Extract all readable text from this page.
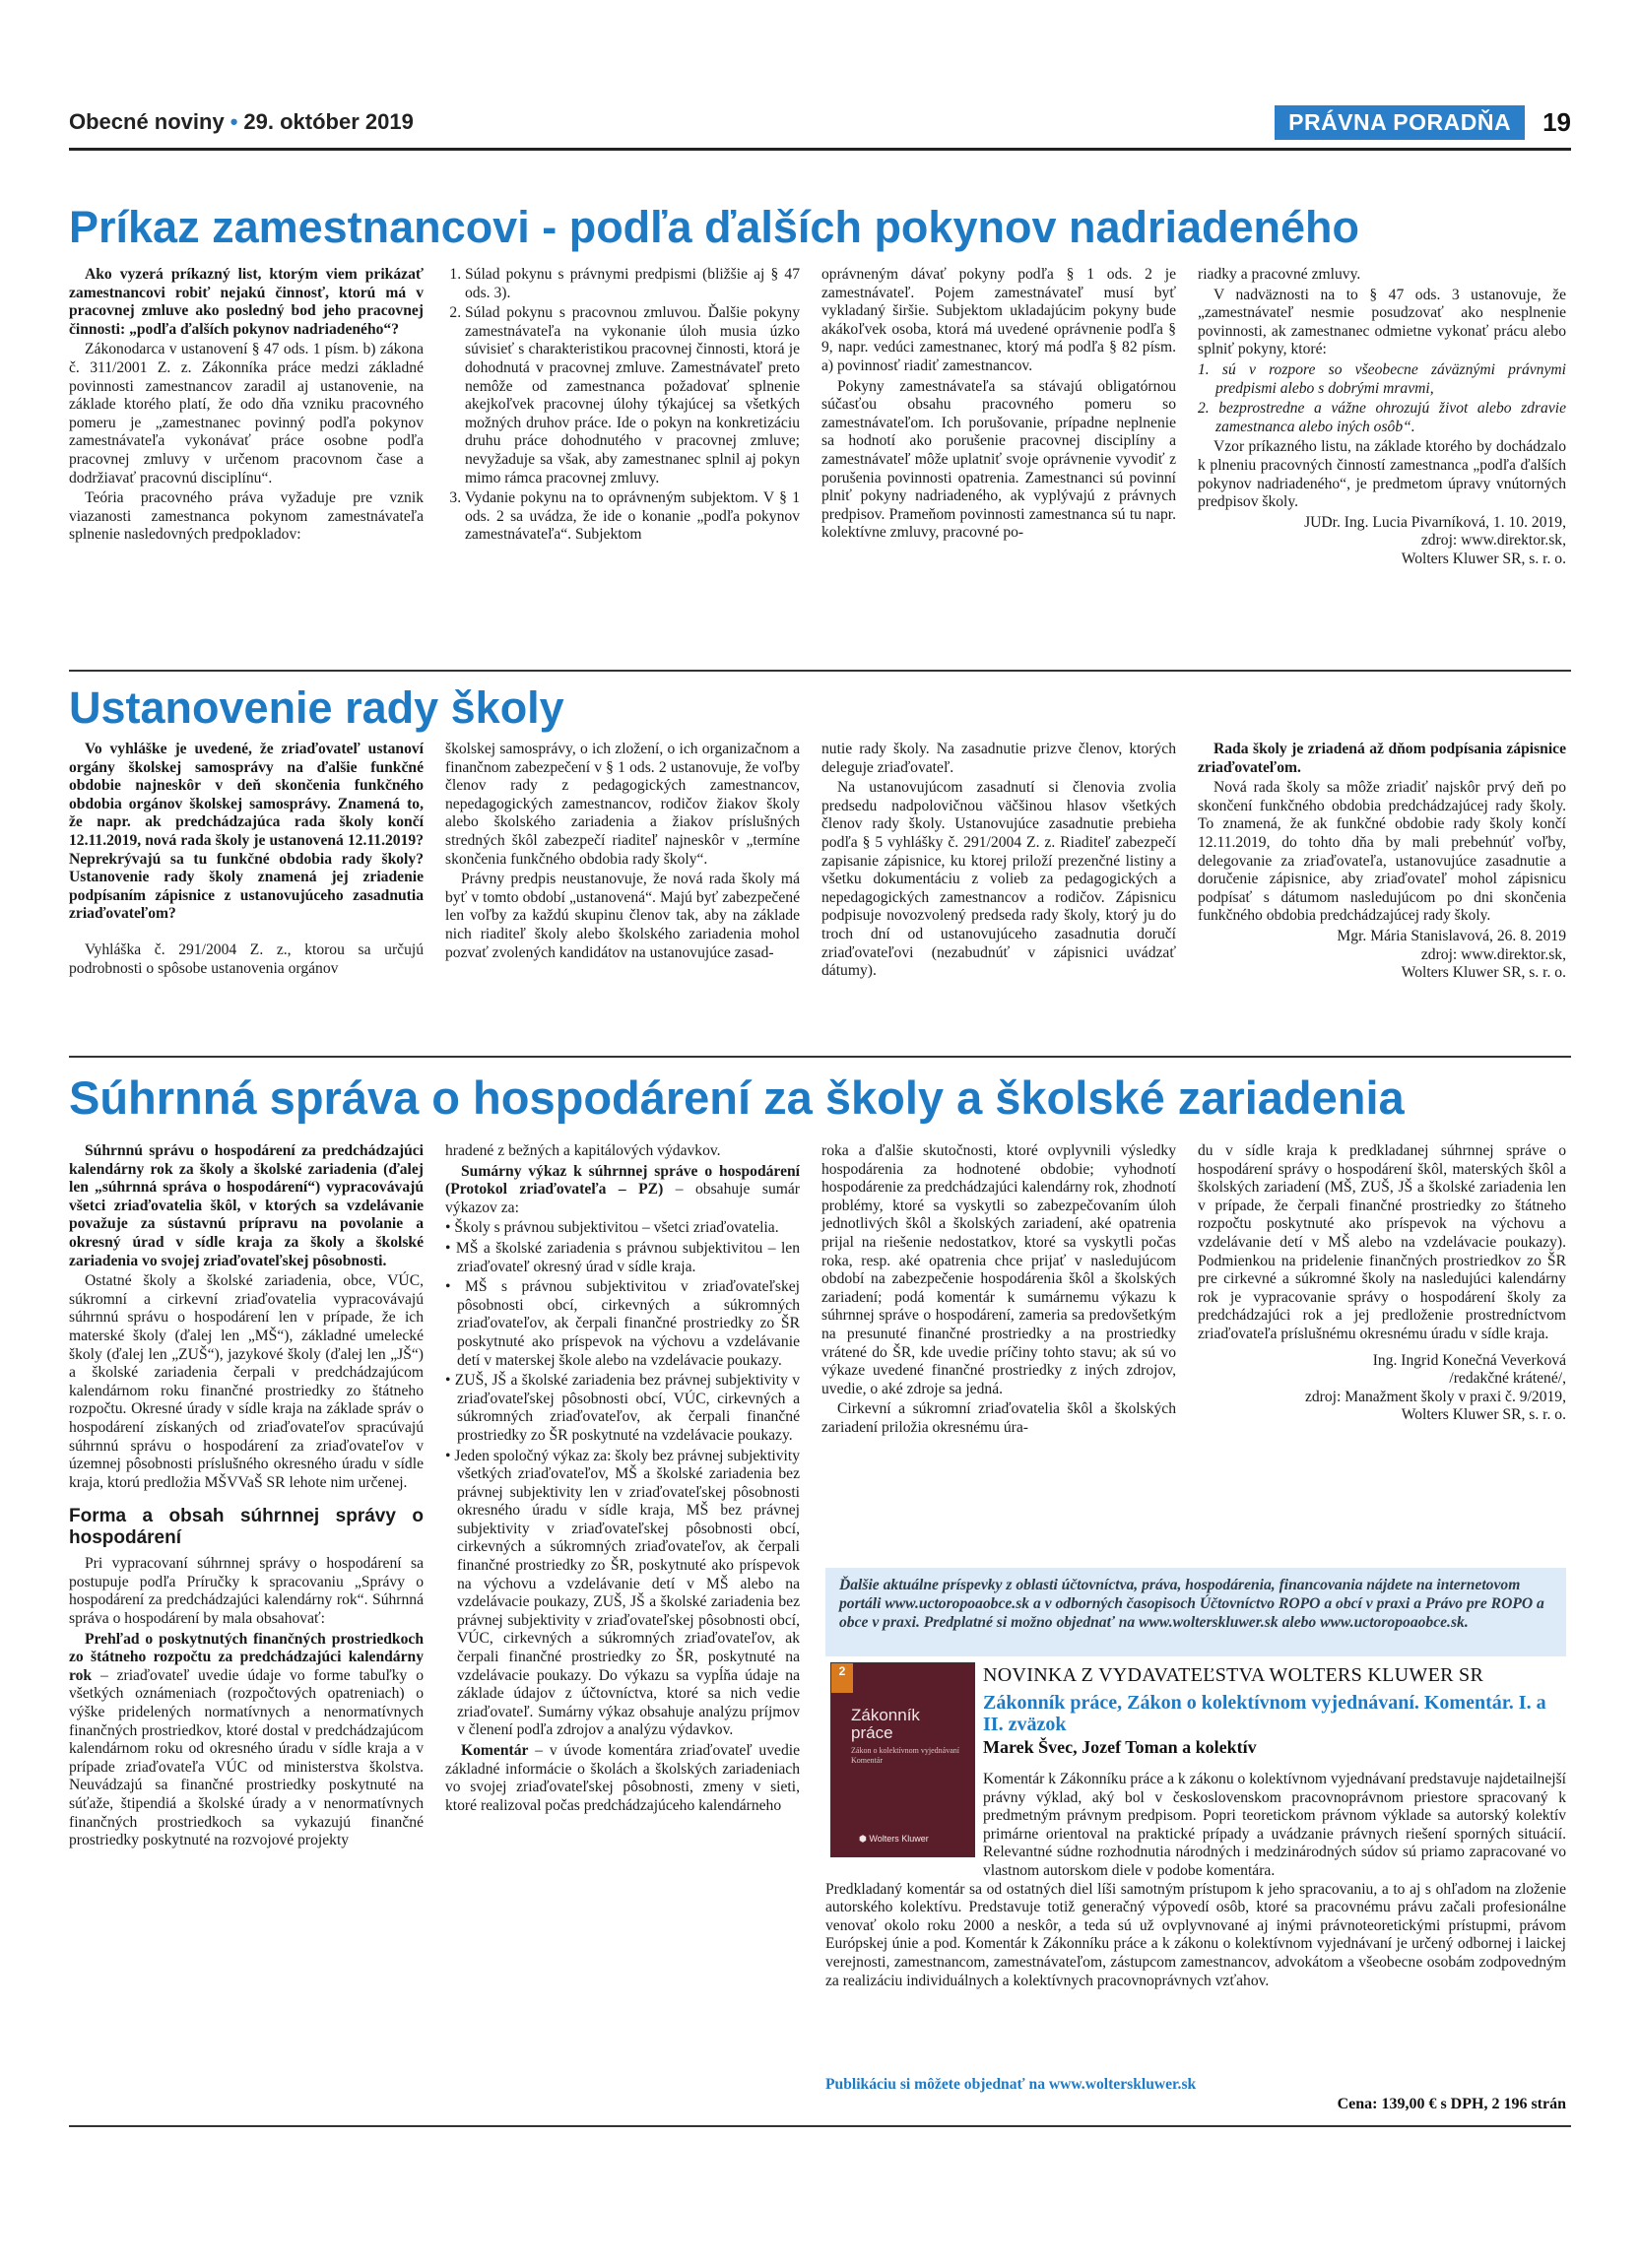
Obecné noviny • 29. október 2019	PRÁVNA PORADŇA	19
Príkaz zamestnancovi - podľa ďalších pokynov nadriadeného

Ako vyzerá príkazný list, ktorým viem prikázať zamestnancovi robiť nejakú činnosť, ktorú má v pracovnej zmluve ako posledný bod jeho pracovnej činnosti: „podľa ďalších pokynov nadriadeného“?

Zákonodarca v ustanovení § 47 ods. 1 písm. b) zákona č. 311/2001 Z. z. Zákonníka práce medzi základné povinnosti zamestnancov zaradil aj ustanovenie, na základe ktorého platí, že odo dňa vzniku pracovného pomeru je „zamestnanec povinný podľa pokynov zamestnávateľa vykonávať práce osobne podľa pracovnej zmluvy v určenom pracovnom čase a dodržiavať pracovnú disciplínu“.

Teória pracovného práva vyžaduje pre vznik viazanosti zamestnanca pokynom zamestnávateľa splnenie nasledovných predpokladov:

1. Súlad pokynu s právnymi predpismi (bližšie aj § 47 ods. 3).
2. Súlad pokynu s pracovnou zmluvou. Ďalšie pokyny zamestnávateľa na vykonanie úloh musia úzko súvisieť s charakteristikou pracovnej činnosti, ktorá je dohodnutá v pracovnej zmluve. Zamestnávateľ preto nemôže od zamestnanca požadovať splnenie akejkoľvek pracovnej úlohy týkajúcej sa všetkých možných druhov práce. Ide o pokyn na konkretizáciu druhu práce dohodnutého v pracovnej zmluve; nevyžaduje sa však, aby zamestnanec splnil aj pokyn mimo rámca pracovnej zmluvy.
3. Vydanie pokynu na to oprávneným subjektom. V § 1 ods. 2 sa uvádza, že ide o konanie „podľa pokynov zamestnávateľa“. Subjektom

oprávneným dávať pokyny podľa § 1 ods. 2 je zamestnávateľ. Pojem zamestnávateľ musí byť vykladaný širšie. Subjektom ukladajúcim pokyny bude akákoľvek osoba, ktorá má uvedené oprávnenie podľa § 9, napr. vedúci zamestnanec, ktorý má podľa § 82 písm. a) povinnosť riadiť zamestnancov.

Pokyny zamestnávateľa sa stávajú obligatórnou súčasťou obsahu pracovného pomeru so zamestnávateľom. Ich porušovanie, prípadne neplnenie sa hodnotí ako porušenie pracovnej disciplíny a zamestnávateľ môže uplatniť svoje oprávnenie vyvodiť z porušenia povinnosti opatrenia. Zamestnanci sú povinní plniť pokyny nadriadeného, ak vyplývajú z právnych predpisov. Prameňom povinnosti zamestnanca sú tu napr. kolektívne zmluvy, pracovné po-

riadky a pracovné zmluvy.

V nadväznosti na to § 47 ods. 3 ustanovuje, že „zamestnávateľ nesmie posudzovať ako nesplnenie povinnosti, ak zamestnanec odmietne vykonať prácu alebo splniť pokyny, ktoré:

1. sú v rozpore so všeobecne záväznými právnymi predpismi alebo s dobrými mravmi,

2. bezprostredne a vážne ohrozujú život alebo zdravie zamestnanca alebo iných osôb“.

Vzor príkazného listu, na základe ktorého by dochádzalo k plneniu pracovných činností zamestnanca „podľa ďalších pokynov nadriadeného“, je predmetom úpravy vnútorných predpisov školy.

JUDr. Ing. Lucia Pivarníková, 1. 10. 2019,

zdroj: www.direktor.sk,

Wolters Kluwer SR, s. r. o.

Ustanovenie rady školy

Vo vyhláške je uvedené, že zriaďovateľ ustanoví orgány školskej samosprávy na ďalšie funkčné obdobie najneskôr v deň skončenia funkčného obdobia orgánov školskej samosprávy. Znamená to, že napr. ak predchádzajúca rada školy končí 12.11.2019, nová rada školy je ustanovená 12.11.2019? Neprekrývajú sa tu funkčné obdobia rady školy? Ustanovenie rady školy znamená jej zriadenie podpísaním zápisnice z ustanovujúceho zasadnutia zriaďovateľom?

Vyhláška č. 291/2004 Z. z., ktorou sa určujú podrobnosti o spôsobe ustanovenia orgánov

školskej samosprávy, o ich zložení, o ich organizačnom a finančnom zabezpečení v § 1 ods. 2 ustanovuje, že voľby členov rady z pedagogických zamestnancov, nepedagogických zamestnancov, rodičov žiakov školy alebo školského zariadenia a žiakov príslušných stredných škôl zabezpečí riaditeľ najneskôr v „termíne skončenia funkčného obdobia rady školy“.

Právny predpis neustanovuje, že nová rada školy má byť v tomto období „ustanovená“. Majú byť zabezpečené len voľby za každú skupinu členov tak, aby na základe nich riaditeľ školy alebo školského zariadenia mohol pozvať zvolených kandidátov na ustanovujúce zasad-

nutie rady školy. Na zasadnutie prizve členov, ktorých deleguje zriaďovateľ.

Na ustanovujúcom zasadnutí si členovia zvolia predsedu nadpolovičnou väčšinou hlasov všetkých členov rady školy. Ustanovujúce zasadnutie prebieha podľa § 5 vyhlášky č. 291/2004 Z. z. Riaditeľ zabezpečí zapisanie zápisnice, ku ktorej priloží prezenčné listiny a všetku dokumentáciu z volieb za pedagogických a nepedagogických zamestnancov a rodičov. Zápisnicu podpisuje novozvolený predseda rady školy, ktorý ju do troch dní od ustanovujúceho zasadnutia doručí zriaďovateľovi (nezabudnúť v zápisnici uvádzať dátumy).

Rada školy je zriadená až dňom podpísania zápisnice zriaďovateľom.

Nová rada školy sa môže zriadiť najskôr prvý deň po skončení funkčného obdobia predchádzajúcej rady školy. To znamená, že ak funkčné obdobie rady školy končí 12.11.2019, do tohto dňa by mali prebehnúť voľby, delegovanie za zriaďovateľa, ustanovujúce zasadnutie a doručenie zápisnice, aby zriaďovateľ mohol zápisnicu podpísať s dátumom nasledujúcom po dni skončenia funkčného obdobia predchádzajúcej rady školy.

Mgr. Mária Stanislavová, 26. 8. 2019

zdroj: www.direktor.sk,

Wolters Kluwer SR, s. r. o.

Súhrnná správa o hospodárení za školy a školské zariadenia

Súhrnnú správu o hospodárení za predchádzajúci kalendárny rok za školy a školské zariadenia (ďalej len „súhrnná správa o hospodárení“) vypracovávajú všetci zriaďovatelia škôl, v ktorých sa vzdelávanie považuje za sústavnú prípravu na povolanie a okresný úrad v sídle kraja za školy a školské zariadenia vo svojej zriaďovateľskej pôsobnosti.

Ostatné školy a školské zariadenia, obce, VÚC, súkromní a cirkevní zriaďovatelia vypracovávajú súhrnnú správu o hospodárení len v prípade, že ich materské školy (ďalej len „MŠ“), základné umelecké školy (ďalej len „ZUŠ“), jazykové školy (ďalej len „JŠ“) a školské zariadenia čerpali v predchádzajúcom kalendárnom roku finančné prostriedky zo štátneho rozpočtu. Okresné úrady v sídle kraja na základe správ o hospodárení získaných od zriaďovateľov spracúvajú súhrnnú správu o hospodárení za zriaďovateľov v územnej pôsobnosti príslušného okresného úradu v sídle kraja, ktorú predložia MŠVVaŠ SR lehote nim určenej.

Forma a obsah súhrnnej správy o hospodárení

Pri vypracovaní súhrnnej správy o hospodárení sa postupuje podľa Príručky k spracovaniu „Správy o hospodárení za predchádzajúci kalendárny rok“. Súhrnná správa o hospodárení by mala obsahovať:

Prehľad o poskytnutých finančných prostriedkoch zo štátneho rozpočtu za predchádzajúci kalendárny rok – zriaďovateľ uvedie údaje vo forme tabuľky o všetkých oznámeniach (rozpočtových opatreniach) o výške pridelených normatívnych a nenormatívnych finančných prostriedkov, ktoré dostal v predchádzajúcom kalendárnom roku od okresného úradu v sídle kraja a v prípade zriaďovateľa VÚC od ministerstva školstva. Neuvádzajú sa finančné prostriedky poskytnuté na súťaže, štipendiá a školské úrady a v nenormatívnych finančných prostriedkoch sa vykazujú finančné prostriedky poskytnuté na rozvojové projekty

hradené z bežných a kapitálových výdavkov.

Sumárny výkaz k súhrnnej správe o hospodárení (Protokol zriaďovateľa – PZ) – obsahuje sumár výkazov za:

• Školy s právnou subjektivitou – všetci zriaďovatelia.
• MŠ a školské zariadenia s právnou subjektivitou – len zriaďovateľ okresný úrad v sídle kraja.
• MŠ s právnou subjektivitou v zriaďovateľskej pôsobnosti obcí, cirkevných a súkromných zriaďovateľov, ak čerpali finančné prostriedky zo ŠR poskytnuté ako príspevok na výchovu a vzdelávanie detí v materskej škole alebo na vzdelávacie poukazy.
• ZUŠ, JŠ a školské zariadenia bez právnej subjektivity v zriaďovateľskej pôsobnosti obcí, VÚC, cirkevných a súkromných zriaďovateľov, ak čerpali finančné prostriedky zo ŠR poskytnuté na vzdelávacie poukazy.
• Jeden spoločný výkaz za: školy bez právnej subjektivity všetkých zriaďovateľov, MŠ a školské zariadenia bez právnej subjektivity len v zriaďovateľskej pôsobnosti okresného úradu v sídle kraja, MŠ bez právnej subjektivity v zriaďovateľskej pôsobnosti obcí, cirkevných a súkromných zriaďovateľov, ak čerpali finančné prostriedky zo ŠR, poskytnuté ako príspevok na výchovu a vzdelávanie detí v MŠ alebo na vzdelávacie poukazy, ZUŠ, JŠ a školské zariadenia bez právnej subjektivity v zriaďovateľskej pôsobnosti obcí, VÚC, cirkevných a súkromných zriaďovateľov, ak čerpali finančné prostriedky zo ŠR, poskytnuté na vzdelávacie poukazy. Do výkazu sa vypĺňa údaje na základe údajov z účtovníctva, ktoré sa nich vedie zriaďovateľ. Sumárny výkaz obsahuje analýzu príjmov v členení podľa zdrojov a analýzu výdavkov.

Komentár – v úvode komentára zriaďovateľ uvedie základné informácie o školách a školských zariadeniach vo svojej zriaďovateľskej pôsobnosti, zmeny v sieti, ktoré realizoval počas predchádzajúceho kalendárneho

roka a ďalšie skutočnosti, ktoré ovplyvnili výsledky hospodárenia za hodnotené obdobie; vyhodnotí hospodárenie za predchádzajúci kalendárny rok, zhodnotí problémy, ktoré sa vyskytli so zabezpečovaním úloh jednotlivých škôl a školských zariadení, aké opatrenia prijal na riešenie nedostatkov, ktoré sa vyskytli počas roka, resp. aké opatrenia chce prijať v nasledujúcom období na zabezpečenie hospodárenia škôl a školských zariadení; podá komentár k sumárnemu výkazu k súhrnnej správe o hospodárení, zameria sa predovšetkým na presunuté finančné prostriedky a na prostriedky vrátené do ŠR, kde uvedie príčiny tohto stavu; ak sú vo výkaze uvedené finančné prostriedky z iných zdrojov, uvedie, o aké zdroje sa jedná.

Cirkevní a súkromní zriaďovatelia škôl a školských zariadení priložia okresnému úra-

du v sídle kraja k predkladanej súhrnnej správe o hospodárení správy o hospodárení škôl, materských škôl a školských zariadení (MŠ, ZUŠ, JŠ a školské zariadenia len v prípade, že čerpali finančné prostriedky zo štátneho rozpočtu poskytnuté ako príspevok na výchovu a vzdelávanie detí v MŠ alebo na vzdelávacie poukazy). Podmienkou na pridelenie finančných prostriedkov zo ŠR pre cirkevné a súkromné školy na nasledujúci kalendárny rok je vypracovanie správy o hospodárení školy za predchádzajúci rok a jej predloženie prostredníctvom zriaďovateľa príslušnému okresnému úradu v sídle kraja.

Ing. Ingrid Konečná Veverková

/redakčné krátené/,

zdroj: Manažment školy v praxi č. 9/2019,

Wolters Kluwer SR, s. r. o.

Ďalšie aktuálne príspevky z oblasti účtovníctva, práva, hospodárenia, financovania nájdete na internetovom portáli www.uctoropoaobce.sk a v odborných časopisoch Účtovníctvo ROPO a obcí v praxi a Právo pre ROPO a obce v praxi. Predplatné si možno objednať na www.wolterskluwer.sk alebo www.uctoropoaobce.sk.
2
Zákonník práce
Zákon o kolektívnom vyjednávaní Komentár
⬢ Wolters Kluwer
NOVINKA Z VYDAVATEĽSTVA WOLTERS KLUWER SR
Zákonník práce, Zákon o kolektívnom vyjednávaní. Komentár. I. a II. zväzok
Marek Švec, Jozef Toman a kolektív

Komentár k Zákonníku práce a k zákonu o kolektívnom vyjednávaní predstavuje najdetailnejší právny výklad, aký bol v československom pracovnoprávnom priestore spracovaný k predmetným právnym predpisom. Popri teoretickom právnom výklade sa autorský kolektív primárne orientoval na praktické prípady a uvádzanie právnych riešení sporných situácií. Relevantné súdne rozhodnutia národných i medzinárodných súdov sú priamo zapracované vo vlastnom autorskom diele v podobe komentára.

Predkladaný komentár sa od ostatných diel líši samotným prístupom k jeho spracovaniu, a to aj s ohľadom na zloženie autorského kolektívu. Predstavuje totiž generačný výpovedí osôb, ktoré sa pracovnému právu začali profesionálne venovať okolo roku 2000 a neskôr, a teda sú už ovplyvnované aj inými právnoteoretickými prístupmi, právom Európskej únie a pod. Komentár k Zákonníku práce a k zákonu o kolektívnom vyjednávaní je určený odbornej i laickej verejnosti, zamestnancom, zamestnávateľom, zástupcom zamestnancov, advokátom a všeobecne osobám zodpovedným za realizáciu individuálnych a kolektívnych pracovnoprávnych vzťahov.

Publikáciu si môžete objednať na www.wolterskluwer.sk
Cena: 139,00 € s DPH, 2 196 strán
